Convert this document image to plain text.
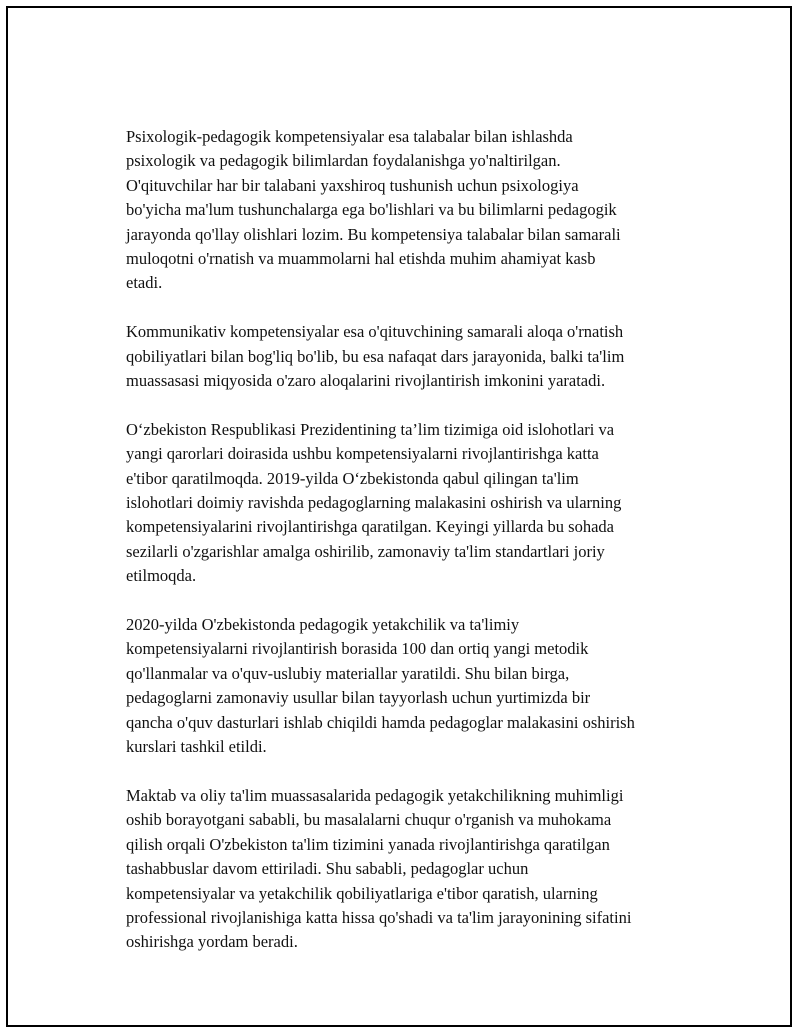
Psixologik-pedagogik kompetensiyalar esa talabalar bilan ishlashda
psixologik va pedagogik bilimlardan foydalanishga yo'naltirilgan.
O'qituvchilar har bir talabani yaxshiroq tushunish uchun psixologiya
bo'yicha ma'lum tushunchalarga ega bo'lishlari va bu bilimlarni pedagogik
jarayonda qo'llay olishlari lozim. Bu kompetensiya talabalar bilan samarali
muloqotni o'rnatish va muammolarni hal etishda muhim ahamiyat kasb
etadi.

Kommunikativ kompetensiyalar esa o'qituvchining samarali aloqa o'rnatish
qobiliyatlari bilan bog'liq bo'lib, bu esa nafaqat dars jarayonida, balki ta'lim
muassasasi miqyosida o'zaro aloqalarini rivojlantirish imkonini yaratadi.

O‘zbekiston Respublikasi Prezidentining ta’lim tizimiga oid islohotlari va
yangi qarorlari doirasida ushbu kompetensiyalarni rivojlantirishga katta
e'tibor qaratilmoqda. 2019-yilda O‘zbekistonda qabul qilingan ta'lim
islohotlari doimiy ravishda pedagoglarning malakasini oshirish va ularning
kompetensiyalarini rivojlantirishga qaratilgan. Keyingi yillarda bu sohada
sezilarli o'zgarishlar amalga oshirilib, zamonaviy ta'lim standartlari joriy
etilmoqda.

2020-yilda O'zbekistonda pedagogik yetakchilik va ta'limiy
kompetensiyalarni rivojlantirish borasida 100 dan ortiq yangi metodik
qo'llanmalar va o'quv-uslubiy materiallar yaratildi. Shu bilan birga,
pedagoglarni zamonaviy usullar bilan tayyorlash uchun yurtimizda bir
qancha o'quv dasturlari ishlab chiqildi hamda pedagoglar malakasini oshirish
kurslari tashkil etildi.

Maktab va oliy ta'lim muassasalarida pedagogik yetakchilikning muhimligi
oshib borayotgani sababli, bu masalalarni chuqur o'rganish va muhokama
qilish orqali O'zbekiston ta'lim tizimini yanada rivojlantirishga qaratilgan
tashabbuslar davom ettiriladi. Shu sababli, pedagoglar uchun
kompetensiyalar va yetakchilik qobiliyatlariga e'tibor qaratish, ularning
professional rivojlanishiga katta hissa qo'shadi va ta'lim jarayonining sifatini
oshirishga yordam beradi.
